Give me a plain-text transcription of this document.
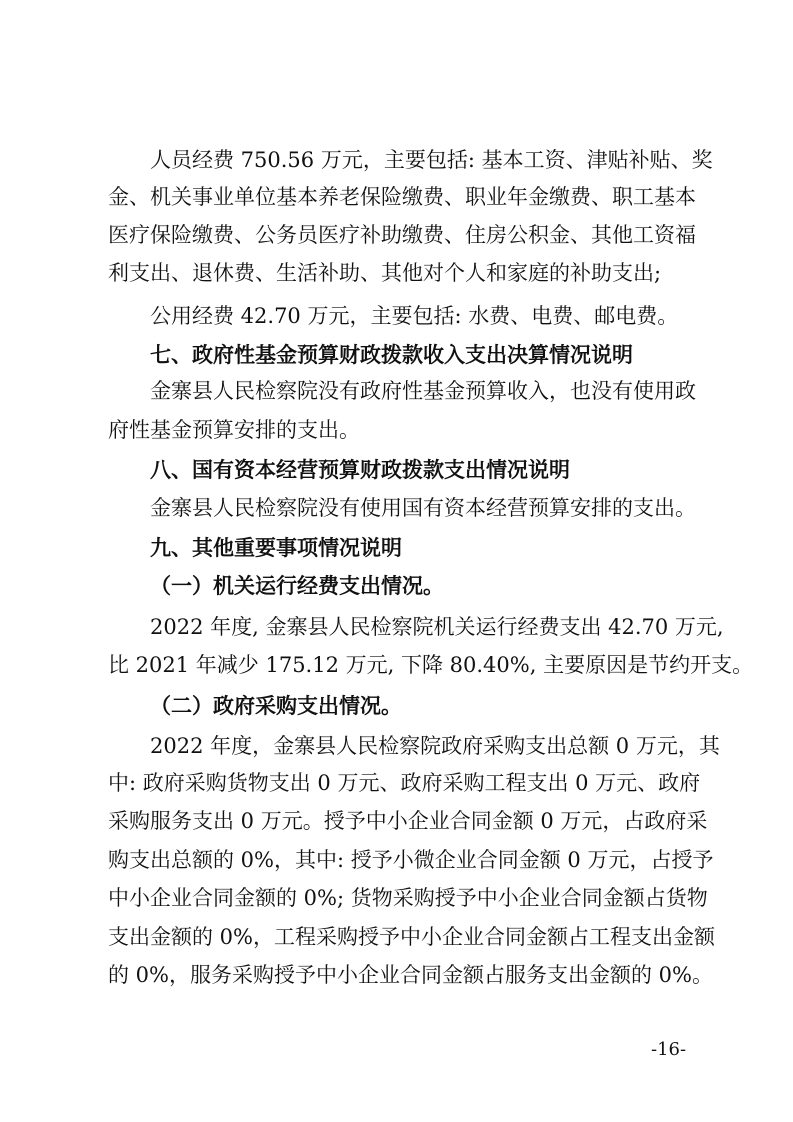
人员经费 750.56 万元，主要包括: 基本工资、津贴补贴、奖

金、机关事业单位基本养老保险缴费、职业年金缴费、职工基本

医疗保险缴费、公务员医疗补助缴费、住房公积金、其他工资福

利支出、退休费、生活补助、其他对个人和家庭的补助支出;

公用经费 42.70 万元，主要包括: 水费、电费、邮电费。

七、政府性基金预算财政拨款收入支出决算情况说明

金寨县人民检察院没有政府性基金预算收入，也没有使用政

府性基金预算安排的支出。

八、国有资本经营预算财政拨款支出情况说明

金寨县人民检察院没有使用国有资本经营预算安排的支出。

九、其他重要事项情况说明

（一）机关运行经费支出情况。

2022 年度, 金寨县人民检察院机关运行经费支出 42.70 万元,

比 2021 年减少 175.12 万元, 下降 80.40%, 主要原因是节约开支。

（二）政府采购支出情况。

2022 年度，金寨县人民检察院政府采购支出总额 0 万元，其

中: 政府采购货物支出 0 万元、政府采购工程支出 0 万元、政府

采购服务支出 0 万元。授予中小企业合同金额 0 万元，占政府采

购支出总额的 0%，其中: 授予小微企业合同金额 0 万元，占授予

中小企业合同金额的 0%; 货物采购授予中小企业合同金额占货物

支出金额的 0%，工程采购授予中小企业合同金额占工程支出金额

的 0%，服务采购授予中小企业合同金额占服务支出金额的 0%。

-16-
